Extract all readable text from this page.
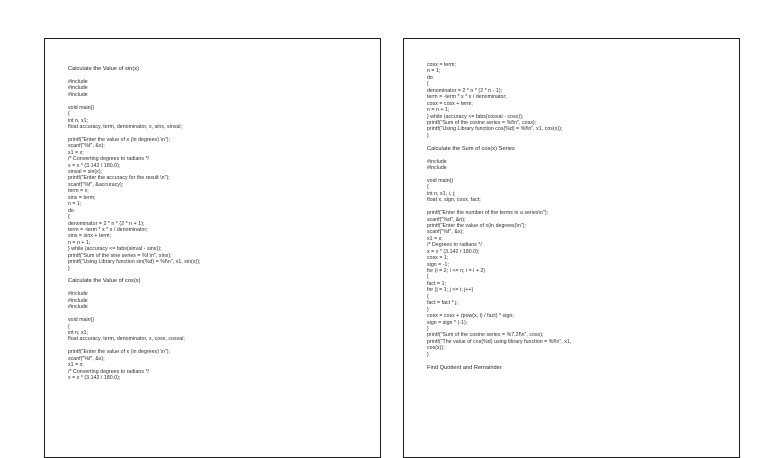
Calculate the Value of sin(x)
#include
#include
#include
void main()
{
int n, x1;
float accuracy, term, denominator, x, sinx, sinval;
printf("Enter the value of x (in degrees) \n");
scanf("%f", &x);
x1 = x;
/* Converting degrees to radians */
x = x * (3.142 / 180.0);
sinval = sin(x);
printf("Enter the accuracy for the result \n");
scanf("%f", &accuracy);
term = x;
sinx = term;
n = 1;
do
{
denominator = 2 * n * (2 * n + 1);
term = -term * x * x / denominator;
sinx = sinx + term;
n = n + 1;
} while (accuracy <= fabs(sinval - sinx));
printf("Sum of the sine series = %f \n", sinx);
printf("Using Library function sin(%d) = %f\n", x1, sin(x));
}
Calculate the Value of cos(x)
#include
#include
#include
void main()
{
int n, x1;
float accuracy, term, denominator, x, cosx, cosval;
printf("Enter the value of x (in degrees) \n");
scanf("%f", &x);
x1 = x;
/* Converting degrees to radians */
x = x * (3.142 / 180.0);
cosx = term;
n = 1;
do
{
denominator = 2 * n * (2 * n - 1);
term = -term * x * x / denominator;
cosx = cosx + term;
n = n + 1;
} while (accuracy <= fabs(cosval - cosx));
printf("Sum of the cosine series = %f\n", cosx);
printf("Using Library function cos(%d) = %f\n", x1, cos(x));
}
Calculate the Sum of cos(x) Series
#include
#include
void main()
{
int n, x1, i, j;
float x, sign, cosx, fact;
printf("Enter the number of the terms in a series\n");
scanf("%d", &n);
printf("Enter the value of x(in degrees)\n");
scanf("%f", &x);
x1 = x;
/* Degrees to radians */
x = x * (3.142 / 180.0);
cosx = 1;
sign = -1;
for (i = 2; i <= n; i = i + 2)
{
fact = 1;
for (j = 1; j <= i; j++)
{
fact = fact * j;
}
cosx = cosx + (pow(x, i) / fact) * sign;
sign = sign * (-1);
}
printf("Sum of the cosine series = %7.2f\n", cosx);
printf("The value of cos(%d) using library function = %f\n", x1,
cos(x));
}
Find Quotient and Remainder
